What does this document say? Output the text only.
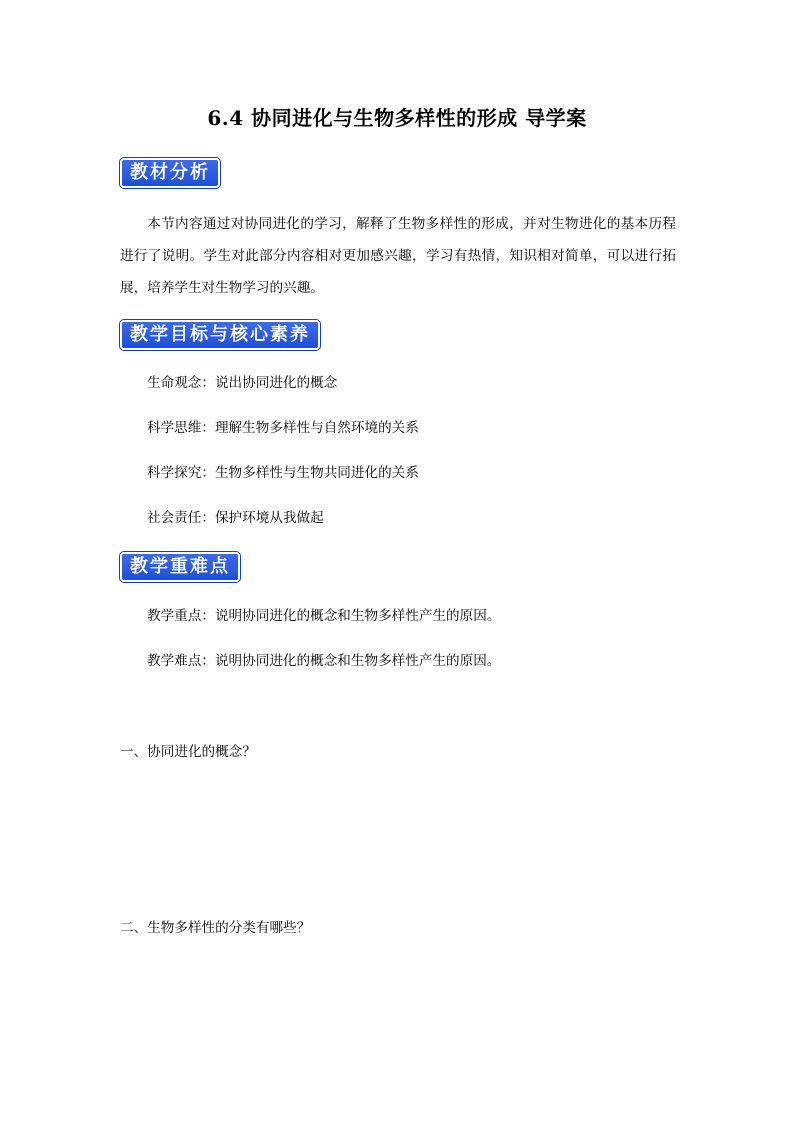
6.4 协同进化与生物多样性的形成 导学案
教材分析
本节内容通过对协同进化的学习，解释了生物多样性的形成，并对生物进化的基本历程进行了说明。学生对此部分内容相对更加感兴趣，学习有热情，知识相对简单，可以进行拓展，培养学生对生物学习的兴趣。
教学目标与核心素养
生命观念：说出协同进化的概念
科学思维：理解生物多样性与自然环境的关系
科学探究：生物多样性与生物共同进化的关系
社会责任：保护环境从我做起
教学重难点
教学重点：说明协同进化的概念和生物多样性产生的原因。
教学难点：说明协同进化的概念和生物多样性产生的原因。
一、协同进化的概念？
二、生物多样性的分类有哪些？
